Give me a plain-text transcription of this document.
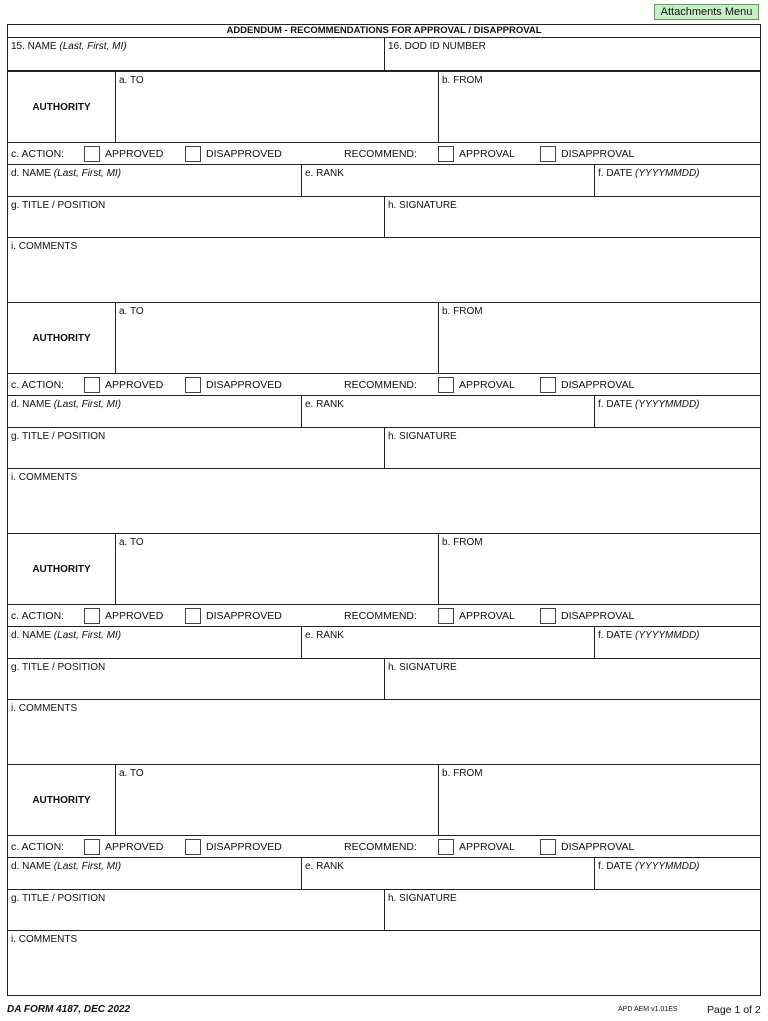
Attachments Menu
ADDENDUM - RECOMMENDATIONS FOR APPROVAL / DISAPPROVAL
15. NAME (Last, First, MI)	16. DOD ID NUMBER
AUTHORITY
a. TO	b. FROM
c. ACTION:	APPROVED	DISAPPROVED	RECOMMEND:	APPROVAL	DISAPPROVAL
d. NAME (Last, First, MI)	e. RANK	f. DATE (YYYYMMDD)
g. TITLE / POSITION	h. SIGNATURE
i. COMMENTS
AUTHORITY
a. TO	b. FROM
c. ACTION:	APPROVED	DISAPPROVED	RECOMMEND:	APPROVAL	DISAPPROVAL
d. NAME (Last, First, MI)	e. RANK	f. DATE (YYYYMMDD)
g. TITLE / POSITION	h. SIGNATURE
i. COMMENTS
AUTHORITY
a. TO	b. FROM
c. ACTION:	APPROVED	DISAPPROVED	RECOMMEND:	APPROVAL	DISAPPROVAL
d. NAME (Last, First, MI)	e. RANK	f. DATE (YYYYMMDD)
g. TITLE / POSITION	h. SIGNATURE
i. COMMENTS
AUTHORITY
a. TO	b. FROM
c. ACTION:	APPROVED	DISAPPROVED	RECOMMEND:	APPROVAL	DISAPPROVAL
d. NAME (Last, First, MI)	e. RANK	f. DATE (YYYYMMDD)
g. TITLE / POSITION	h. SIGNATURE
i. COMMENTS
DA FORM 4187, DEC 2022	APD AEM v1.01ES	Page 1 of 2
